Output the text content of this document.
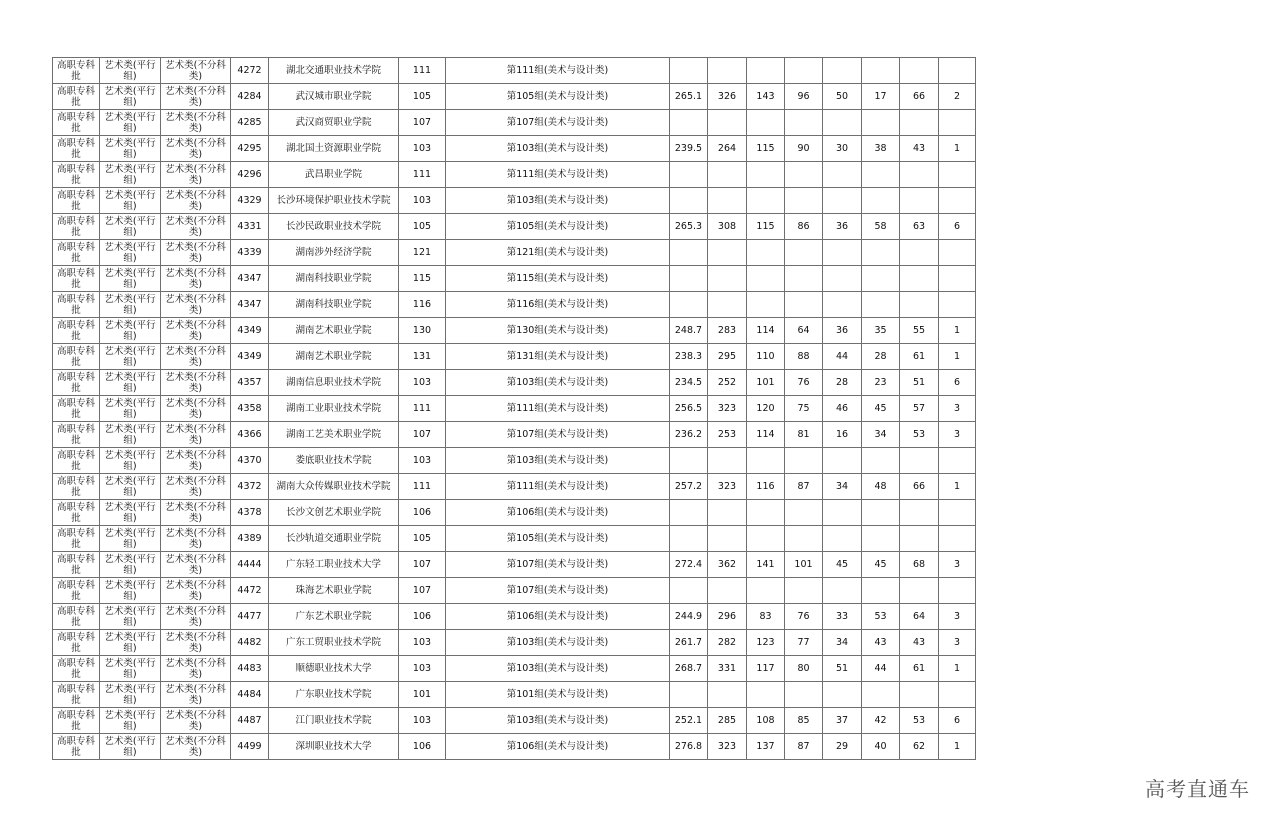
高职专科批	艺术类(平行组)	艺术类(不分科类)	4272	湖北交通职业技术学院	111	第111组(美术与设计类)								
高职专科批	艺术类(平行组)	艺术类(不分科类)	4284	武汉城市职业学院	105	第105组(美术与设计类)	265.1	326	143	96	50	17	66	2
高职专科批	艺术类(平行组)	艺术类(不分科类)	4285	武汉商贸职业学院	107	第107组(美术与设计类)								
高职专科批	艺术类(平行组)	艺术类(不分科类)	4295	湖北国土资源职业学院	103	第103组(美术与设计类)	239.5	264	115	90	30	38	43	1
高职专科批	艺术类(平行组)	艺术类(不分科类)	4296	武昌职业学院	111	第111组(美术与设计类)								
高职专科批	艺术类(平行组)	艺术类(不分科类)	4329	长沙环境保护职业技术学院	103	第103组(美术与设计类)								
高职专科批	艺术类(平行组)	艺术类(不分科类)	4331	长沙民政职业技术学院	105	第105组(美术与设计类)	265.3	308	115	86	36	58	63	6
高职专科批	艺术类(平行组)	艺术类(不分科类)	4339	湖南涉外经济学院	121	第121组(美术与设计类)								
高职专科批	艺术类(平行组)	艺术类(不分科类)	4347	湖南科技职业学院	115	第115组(美术与设计类)								
高职专科批	艺术类(平行组)	艺术类(不分科类)	4347	湖南科技职业学院	116	第116组(美术与设计类)								
高职专科批	艺术类(平行组)	艺术类(不分科类)	4349	湖南艺术职业学院	130	第130组(美术与设计类)	248.7	283	114	64	36	35	55	1
高职专科批	艺术类(平行组)	艺术类(不分科类)	4349	湖南艺术职业学院	131	第131组(美术与设计类)	238.3	295	110	88	44	28	61	1
高职专科批	艺术类(平行组)	艺术类(不分科类)	4357	湖南信息职业技术学院	103	第103组(美术与设计类)	234.5	252	101	76	28	23	51	6
高职专科批	艺术类(平行组)	艺术类(不分科类)	4358	湖南工业职业技术学院	111	第111组(美术与设计类)	256.5	323	120	75	46	45	57	3
高职专科批	艺术类(平行组)	艺术类(不分科类)	4366	湖南工艺美术职业学院	107	第107组(美术与设计类)	236.2	253	114	81	16	34	53	3
高职专科批	艺术类(平行组)	艺术类(不分科类)	4370	娄底职业技术学院	103	第103组(美术与设计类)								
高职专科批	艺术类(平行组)	艺术类(不分科类)	4372	湖南大众传媒职业技术学院	111	第111组(美术与设计类)	257.2	323	116	87	34	48	66	1
高职专科批	艺术类(平行组)	艺术类(不分科类)	4378	长沙文创艺术职业学院	106	第106组(美术与设计类)								
高职专科批	艺术类(平行组)	艺术类(不分科类)	4389	长沙轨道交通职业学院	105	第105组(美术与设计类)								
高职专科批	艺术类(平行组)	艺术类(不分科类)	4444	广东轻工职业技术大学	107	第107组(美术与设计类)	272.4	362	141	101	45	45	68	3
高职专科批	艺术类(平行组)	艺术类(不分科类)	4472	珠海艺术职业学院	107	第107组(美术与设计类)								
高职专科批	艺术类(平行组)	艺术类(不分科类)	4477	广东艺术职业学院	106	第106组(美术与设计类)	244.9	296	83	76	33	53	64	3
高职专科批	艺术类(平行组)	艺术类(不分科类)	4482	广东工贸职业技术学院	103	第103组(美术与设计类)	261.7	282	123	77	34	43	43	3
高职专科批	艺术类(平行组)	艺术类(不分科类)	4483	顺德职业技术大学	103	第103组(美术与设计类)	268.7	331	117	80	51	44	61	1
高职专科批	艺术类(平行组)	艺术类(不分科类)	4484	广东职业技术学院	101	第101组(美术与设计类)								
高职专科批	艺术类(平行组)	艺术类(不分科类)	4487	江门职业技术学院	103	第103组(美术与设计类)	252.1	285	108	85	37	42	53	6
高职专科批	艺术类(平行组)	艺术类(不分科类)	4499	深圳职业技术大学	106	第106组(美术与设计类)	276.8	323	137	87	29	40	62	1
高考直通车
